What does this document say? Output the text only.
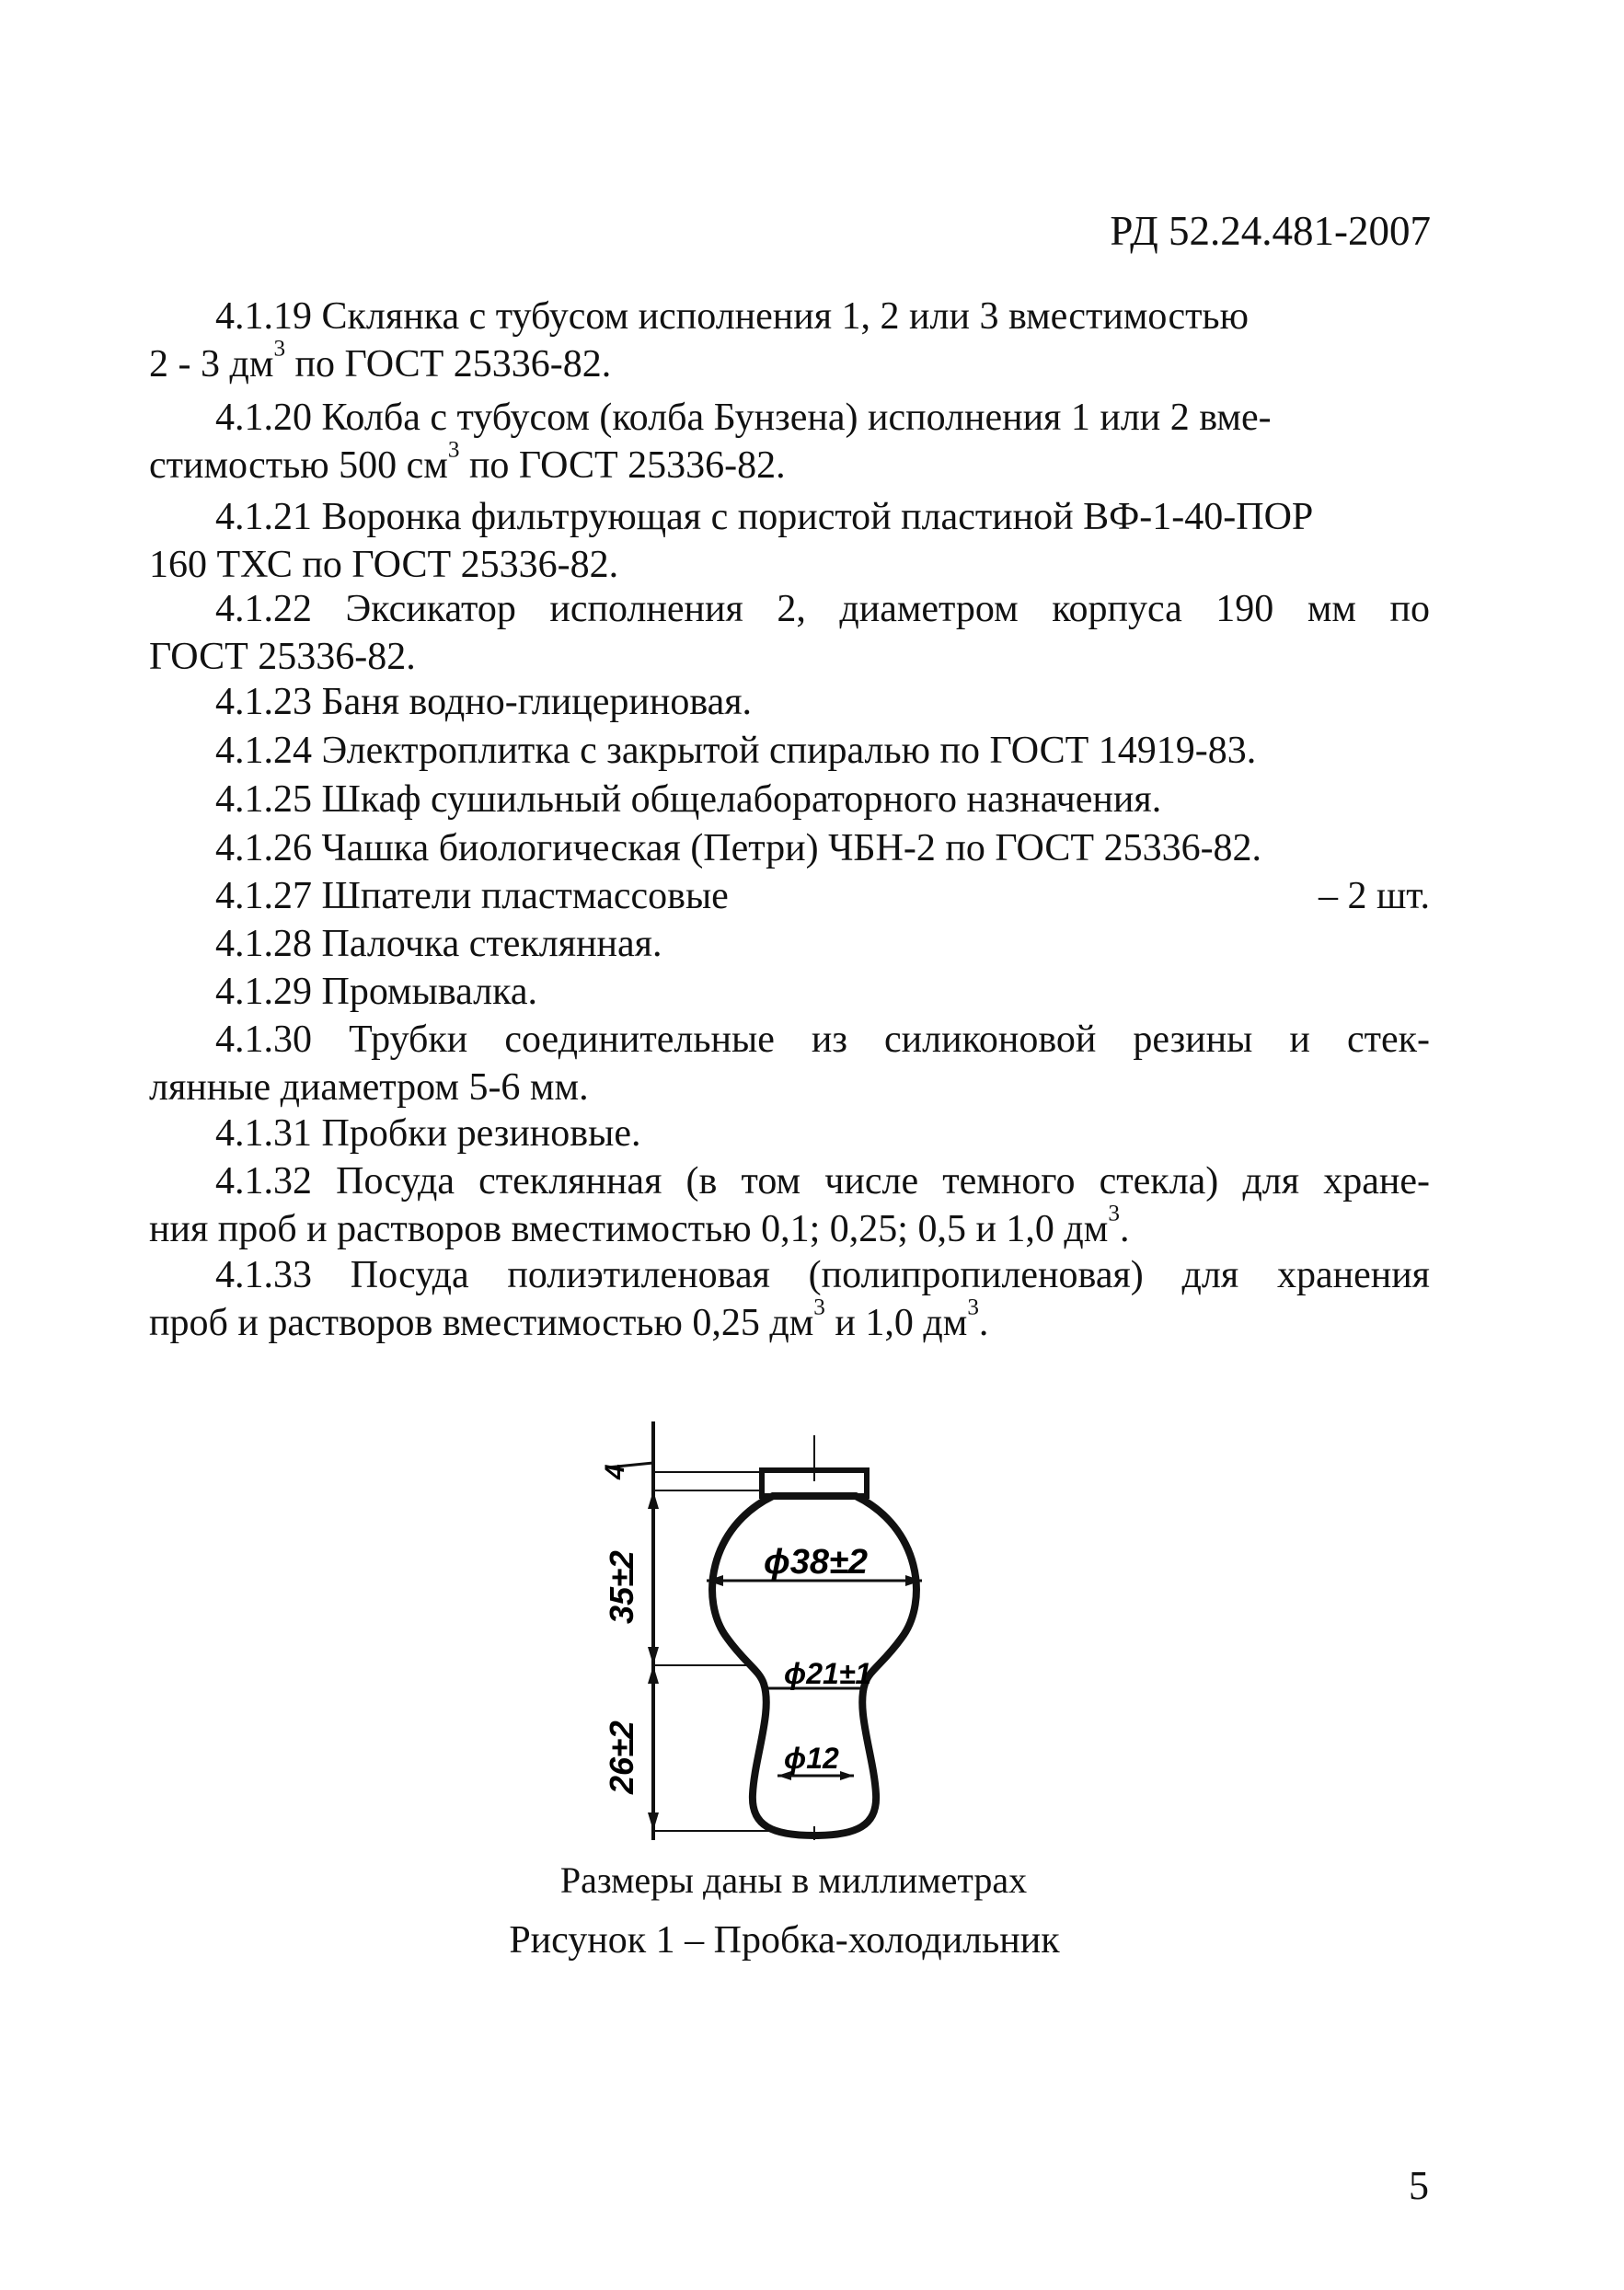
РД 52.24.481-2007
4.1.19 Склянка с тубусом исполнения 1, 2 или 3 вместимостью
2 - 3 $дм^3$ по ГОСТ 25336-82.
4.1.20 Колба с тубусом (колба Бунзена) исполнения 1 или 2 вме-
стимостью 500 $см^3$ по ГОСТ 25336-82.
4.1.21 Воронка фильтрующая с пористой пластиной ВФ-1-40-ПОР
160 ТХС по ГОСТ 25336-82.
4.1.22 Эксикатор исполнения 2, диаметром корпуса 190 мм по
ГОСТ 25336-82.
4.1.23 Баня водно-глицериновая.
4.1.24 Электроплитка с закрытой спиралью по ГОСТ 14919-83.
4.1.25 Шкаф сушильный общелабораторного назначения.
4.1.26 Чашка биологическая (Петри) ЧБН-2 по ГОСТ 25336-82.
4.1.27 Шпатели пластмассовые	– 2 шт.
4.1.28 Палочка стеклянная.
4.1.29 Промывалка.
4.1.30 Трубки соединительные из силиконовой резины и стек-
лянные диаметром 5-6 мм.
4.1.31 Пробки резиновые.
4.1.32 Посуда стеклянная (в том числе темного стекла) для хране-
ния проб и растворов вместимостью 0,1; 0,25; 0,5 и 1,0 $дм^3$.
4.1.33 Посуда полиэтиленовая (полипропиленовая) для хранения
проб и растворов вместимостью 0,25 $дм^3$ и 1,0 $дм^3$.
4
35±2
26±2
ϕ38±2
ϕ21±1
ϕ12
Размеры даны в миллиметрах
Рисунок 1 – Пробка-холодильник
5
